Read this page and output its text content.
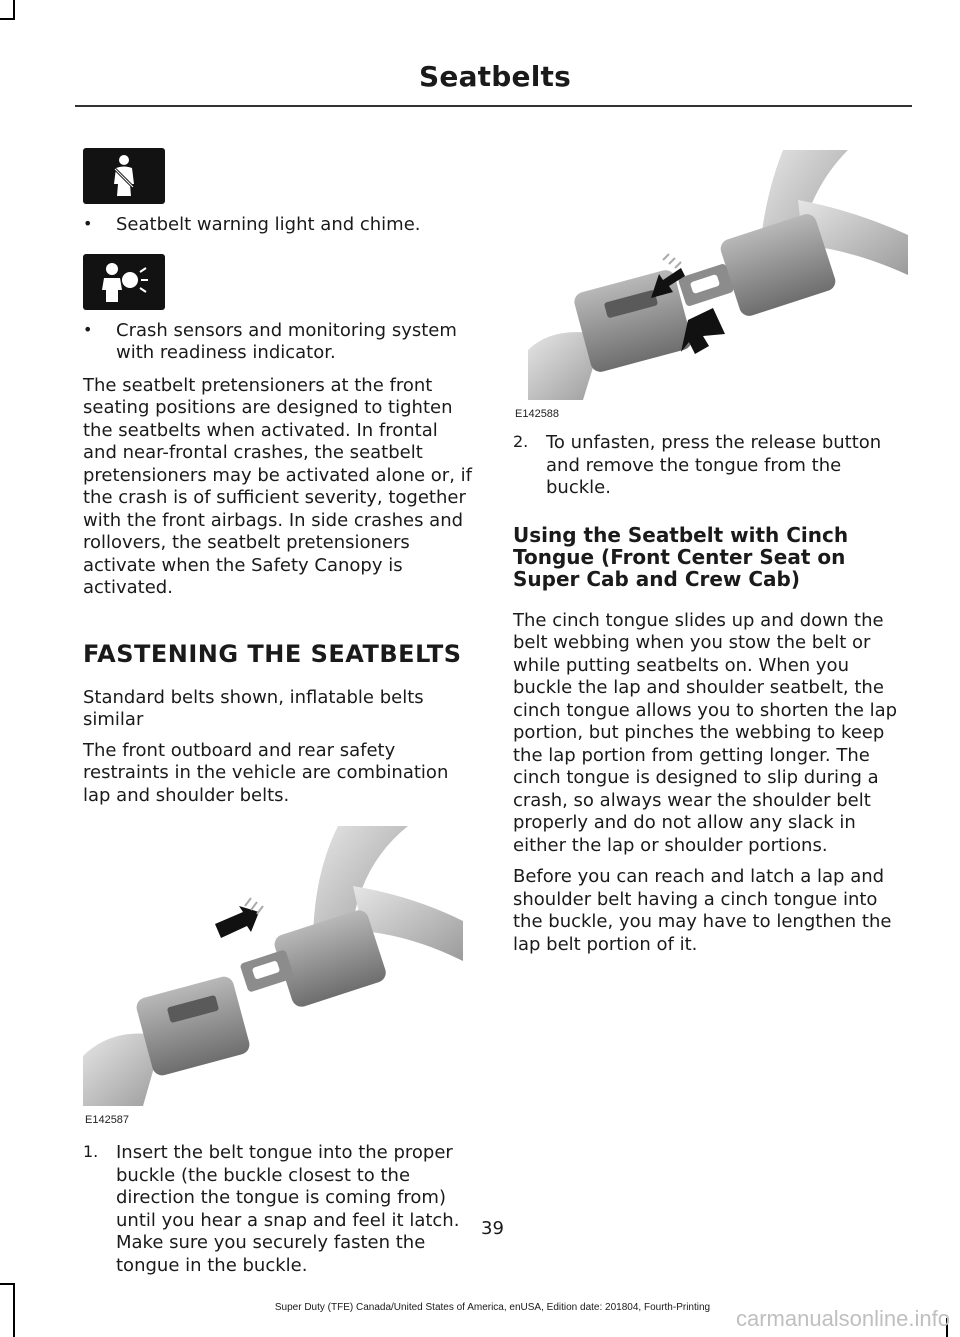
Seatbelts
•	Seatbelt warning light and chime.

•	Crash sensors and monitoring system with readiness indicator.

The seatbelt pretensioners at the front seating positions are designed to tighten the seatbelts when activated. In frontal and near-frontal crashes, the seatbelt pretensioners may be activated alone or, if the crash is of sufficient severity, together with the front airbags. In side crashes and rollovers, the seatbelt pretensioners activate when the Safety Canopy is activated.

FASTENING THE SEATBELTS

Standard belts shown, inflatable belts similar

The front outboard and rear safety restraints in the vehicle are combination lap and shoulder belts.

E142587
1. Insert the belt tongue into the proper buckle (the buckle closest to the direction the tongue is coming from) until you hear a snap and feel it latch. Make sure you securely fasten the tongue in the buckle.

E142588
2. To unfasten, press the release button and remove the tongue from the buckle.

Using the Seatbelt with Cinch Tongue (Front Center Seat on Super Cab and Crew Cab)

The cinch tongue slides up and down the belt webbing when you stow the belt or while putting seatbelts on. When you buckle the lap and shoulder seatbelt, the cinch tongue allows you to shorten the lap portion, but pinches the webbing to keep the lap portion from getting longer. The cinch tongue is designed to slip during a crash, so always wear the shoulder belt properly and do not allow any slack in either the lap or shoulder portions.

Before you can reach and latch a lap and shoulder belt having a cinch tongue into the buckle, you may have to lengthen the lap belt portion of it.

39
Super Duty (TFE) Canada/United States of America, enUSA, Edition date: 201804, Fourth-Printing	carmanualsonline.info
